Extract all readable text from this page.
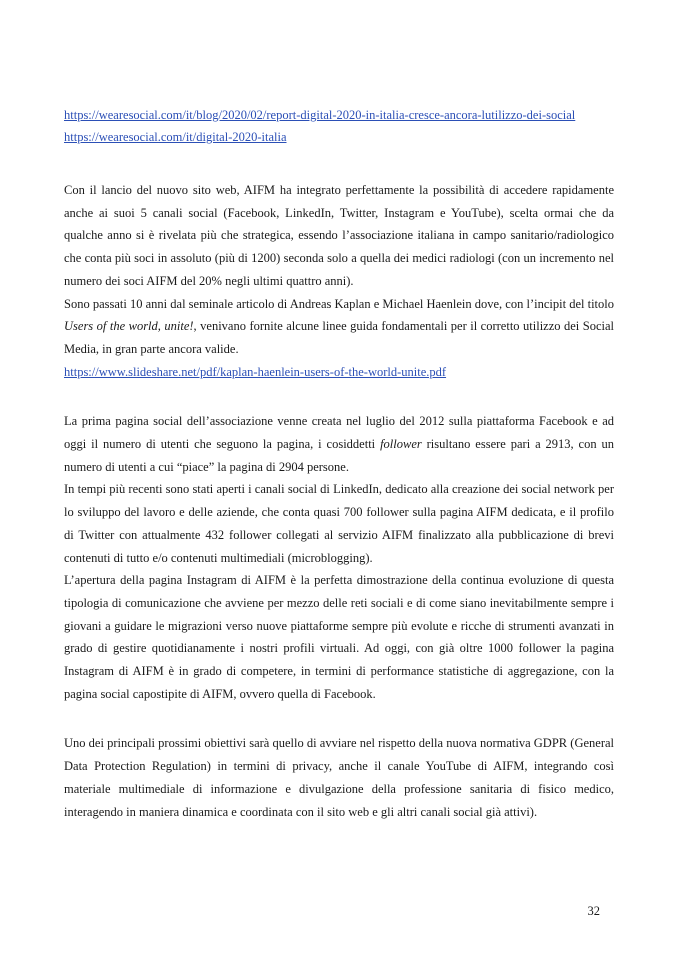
https://wearesocial.com/it/blog/2020/02/report-digital-2020-in-italia-cresce-ancora-lutilizzo-dei-social

https://wearesocial.com/it/digital-2020-italia

Con il lancio del nuovo sito web, AIFM ha integrato perfettamente la possibilità di accedere rapidamente anche ai suoi 5 canali social (Facebook, LinkedIn, Twitter, Instagram e YouTube), scelta ormai che da qualche anno si è rivelata più che strategica, essendo l’associazione italiana in campo sanitario/radiologico che conta più soci in assoluto (più di 1200) seconda solo a quella dei medici radiologi (con un incremento nel numero dei soci AIFM del 20% negli ultimi quattro anni).

Sono passati 10 anni dal seminale articolo di Andreas Kaplan e Michael Haenlein dove, con l’incipit del titolo Users of the world, unite!, venivano fornite alcune linee guida fondamentali per il corretto utilizzo dei Social Media, in gran parte ancora valide.

https://www.slideshare.net/pdf/kaplan-haenlein-users-of-the-world-unite.pdf

La prima pagina social dell’associazione venne creata nel luglio del 2012 sulla piattaforma Facebook e ad oggi il numero di utenti che seguono la pagina, i cosiddetti follower risultano essere pari a 2913, con un numero di utenti a cui “piace” la pagina di 2904 persone.

In tempi più recenti sono stati aperti i canali social di LinkedIn, dedicato alla creazione dei social network per lo sviluppo del lavoro e delle aziende, che conta quasi 700 follower sulla pagina AIFM dedicata, e il profilo di Twitter con attualmente 432 follower collegati al servizio AIFM finalizzato alla pubblicazione di brevi contenuti di tutto e/o contenuti multimediali (microblogging).

L’apertura della pagina Instagram di AIFM è la perfetta dimostrazione della continua evoluzione di questa tipologia di comunicazione che avviene per mezzo delle reti sociali e di come siano inevitabilmente sempre i giovani a guidare le migrazioni verso nuove piattaforme sempre più evolute e ricche di strumenti avanzati in grado di gestire quotidianamente i nostri profili virtuali. Ad oggi, con già oltre 1000 follower la pagina Instagram di AIFM è in grado di competere, in termini di performance statistiche di aggregazione, con la pagina social capostipite di AIFM, ovvero quella di Facebook.

Uno dei principali prossimi obiettivi sarà quello di avviare nel rispetto della nuova normativa GDPR (General Data Protection Regulation) in termini di privacy, anche il canale YouTube di AIFM, integrando così materiale multimediale di informazione e divulgazione della professione sanitaria di fisico medico, interagendo in maniera dinamica e coordinata con il sito web e gli altri canali social già attivi).

32
